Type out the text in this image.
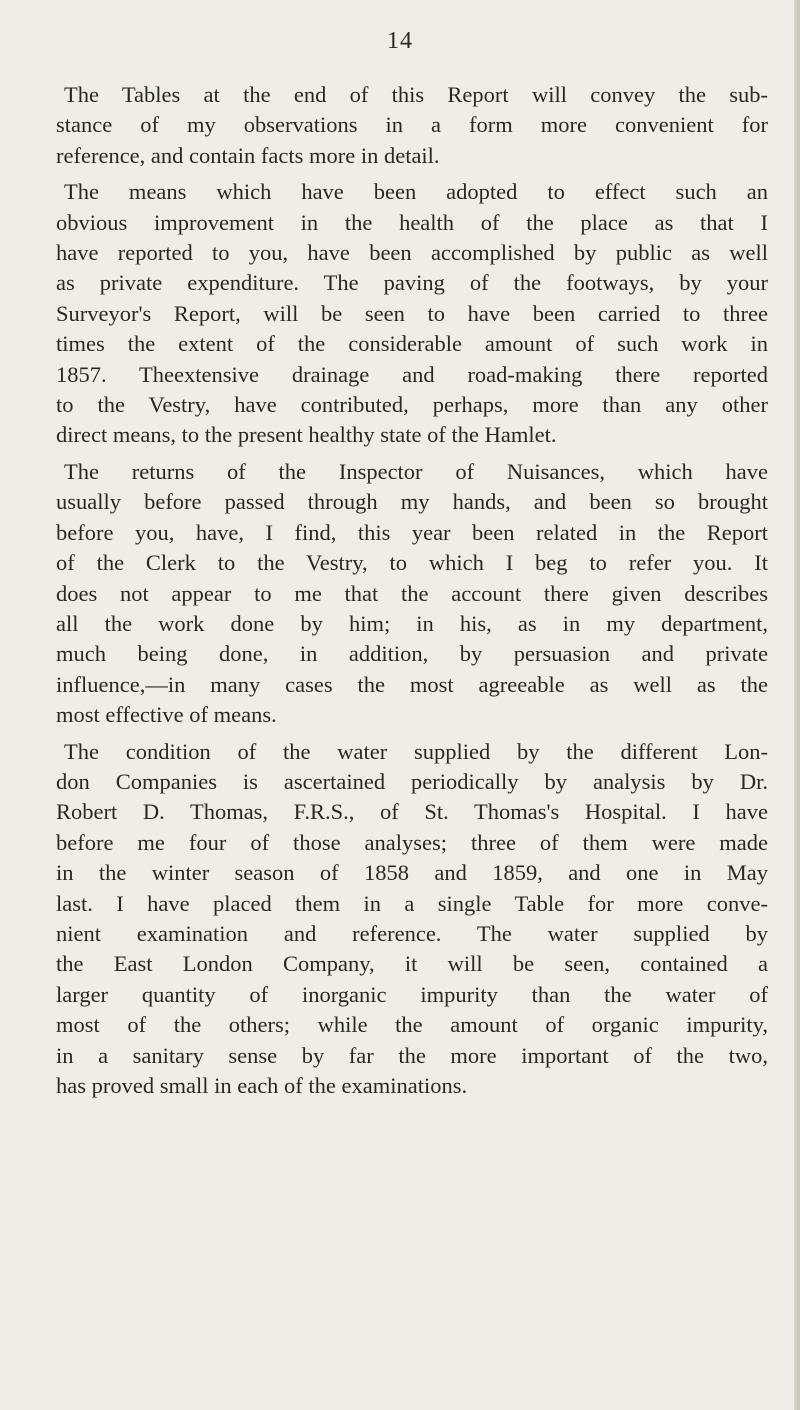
14

The Tables at the end of this Report will convey the sub-
stance of my observations in a form more convenient for
reference, and contain facts more in detail.

The means which have been adopted to effect such an
obvious improvement in the health of the place as that I
have reported to you, have been accomplished by public as well
as private expenditure. The paving of the footways, by your
Surveyor's Report, will be seen to have been carried to three
times the extent of the considerable amount of such work in
1857. Theextensive drainage and road-making there reported
to the Vestry, have contributed, perhaps, more than any other
direct means, to the present healthy state of the Hamlet.

The returns of the Inspector of Nuisances, which have
usually before passed through my hands, and been so brought
before you, have, I find, this year been related in the Report
of the Clerk to the Vestry, to which I beg to refer you. It
does not appear to me that the account there given describes
all the work done by him; in his, as in my department,
much being done, in addition, by persuasion and private
influence,—in many cases the most agreeable as well as the
most effective of means.

The condition of the water supplied by the different Lon-
don Companies is ascertained periodically by analysis by Dr.
Robert D. Thomas, F.R.S., of St. Thomas's Hospital. I have
before me four of those analyses; three of them were made
in the winter season of 1858 and 1859, and one in May
last. I have placed them in a single Table for more conve-
nient examination and reference. The water supplied by
the East London Company, it will be seen, contained a
larger quantity of inorganic impurity than the water of
most of the others; while the amount of organic impurity,
in a sanitary sense by far the more important of the two,
has proved small in each of the examinations.
